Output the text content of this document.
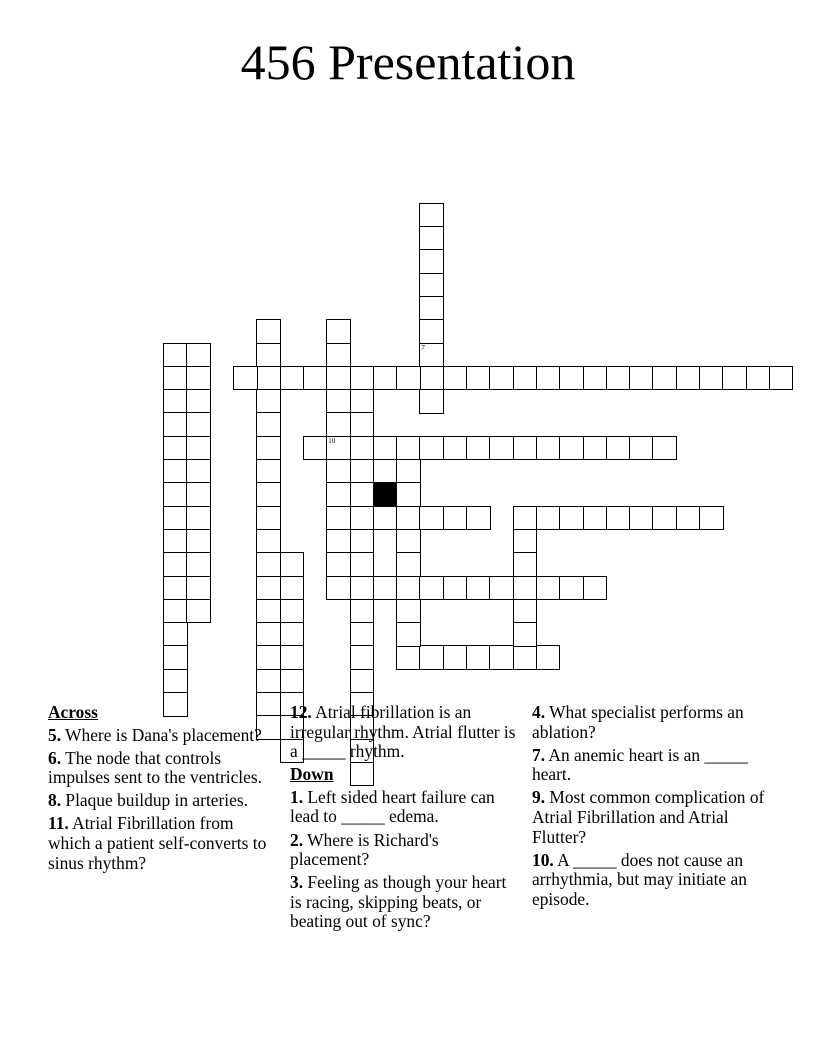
456 Presentation
7
10
Across
5. Where is Dana's placement?
6. The node that controls impulses sent to the ventricles.
8. Plaque buildup in arteries.
11. Atrial Fibrillation from which a patient self-converts to sinus rhythm?
12. Atrial fibrillation is an irregular rhythm. Atrial flutter is a _____ rhythm.
Down
1. Left sided heart failure can lead to _____ edema.
2. Where is Richard's placement?
3. Feeling as though your heart is racing, skipping beats, or beating out of sync?
4. What specialist performs an ablation?
7. An anemic heart is an _____ heart.
9. Most common complication of Atrial Fibrillation and Atrial Flutter?
10. A _____ does not cause an arrhythmia, but may initiate an episode.
